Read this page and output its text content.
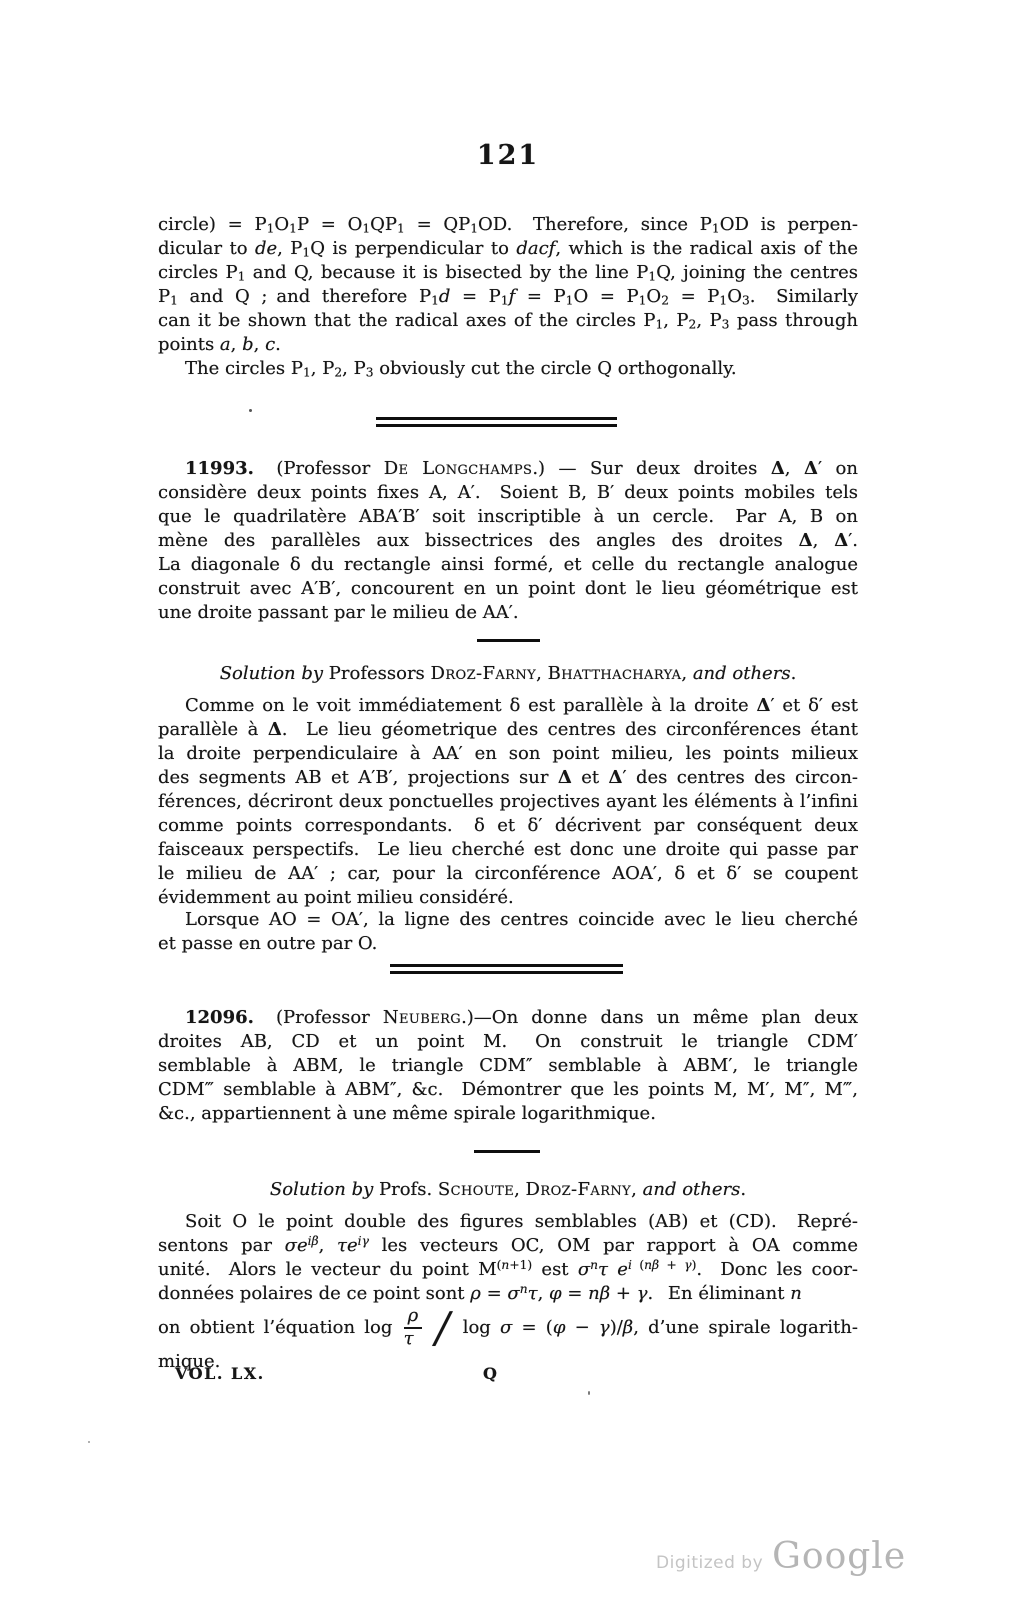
121
circle) = $P_1O_1P = O_1QP_1 = QP_1OD$.  Therefore, since $P_1OD$ is perpen-
dicular to de, $P_1Q$ is perpendicular to dacf, which is the radical axis of the
circles $P_1$ and Q, because it is bisected by the line $P_1Q$, joining the centres
$P_1$ and Q ; and therefore $P_1d = P_1f = P_1O = P_1O_2 = P_1O_3$.  Similarly
can it be shown that the radical axes of the circles $P_1$, $P_2$, $P_3$ pass through
points a, b, c.
The circles $P_1$, $P_2$, $P_3$ obviously cut the circle Q orthogonally.
11993.  (Professor De Longchamps.) — Sur deux droites Δ, Δ′ on
considère deux points fixes A, A′.  Soient B, B′ deux points mobiles tels
que le quadrilatère ABA′B′ soit inscriptible à un cercle.  Par A, B on
mène des parallèles aux bissectrices des angles des droites Δ, Δ′.
La diagonale δ du rectangle ainsi formé, et celle du rectangle analogue
construit avec A′B′, concourent en un point dont le lieu géométrique est
une droite passant par le milieu de AA′.
Solution by Professors Droz-Farny, Bhatthacharya, and others.
Comme on le voit immédiatement δ est parallèle à la droite Δ′ et δ′ est
parallèle à Δ.  Le lieu géometrique des centres des circonférences étant
la droite perpendiculaire à AA′ en son point milieu, les points milieux
des segments AB et A′B′, projections sur Δ et Δ′ des centres des circon-
férences, décriront deux ponctuelles projectives ayant les éléments à l’infini
comme points correspondants.  δ et δ′ décrivent par conséquent deux
faisceaux perspectifs.  Le lieu cherché est donc une droite qui passe par
le milieu de AA′ ; car, pour la circonférence AOA′, δ et δ′ se coupent
évidemment au point milieu considéré.
Lorsque AO = OA′, la ligne des centres coincide avec le lieu cherché
et passe en outre par O.
12096.  (Professor Neuberg.)—On donne dans un même plan deux
droites AB, CD et un point M.  On construit le triangle CDM′
semblable à ABM, le triangle CDM″ semblable à ABM′, le triangle
CDM‴ semblable à ABM″, &c.  Démontrer que les points M, M′, M″, M‴,
&c., appartiennent à une même spirale logarithmique.
Solution by Profs. Schoute, Droz-Farny, and others.
Soit O le point double des figures semblables (AB) et (CD).  Repré-
sentons par $\sigma e^{i\beta}$, $\tau e^{i\gamma}$ les vecteurs OC, OM par rapport à OA comme
unité.  Alors le vecteur du point $M^{(n+1)}$ est $\sigma^n\tau$ $e^{i (n\beta + \gamma)}$.  Donc les coor-
données polaires de ce point sont $\rho = \sigma^n\tau$, φ = nβ + γ.  En éliminant n
on obtient l’équation $\log \frac{\rho}{\tau} / \log \sigma = (\varphi - \gamma)/\beta$, d’une spirale logarith-
mique.
VOL. LX.	Q
Digitized by Google
